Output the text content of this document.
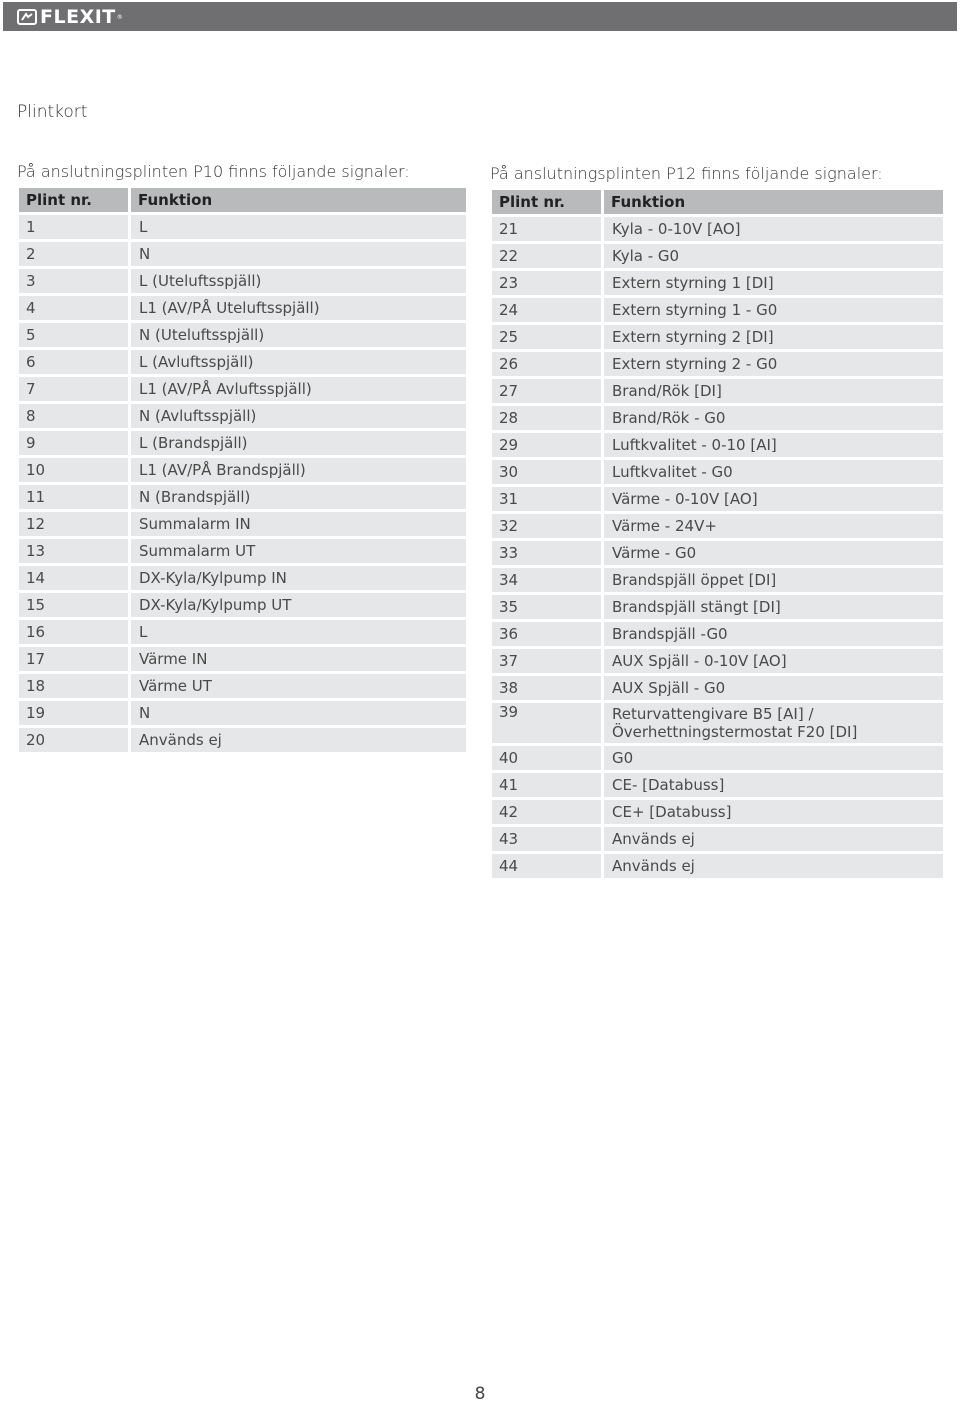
FLEXIT ®
Plintkort
På anslutningsplinten P10 finns följande signaler:
Plint nr.	Funktion
1	L
2	N
3	L (Uteluftsspjäll)
4	L1 (AV/PÅ Uteluftsspjäll)
5	N (Uteluftsspjäll)
6	L (Avluftsspjäll)
7	L1 (AV/PÅ Avluftsspjäll)
8	N (Avluftsspjäll)
9	L (Brandspjäll)
10	L1 (AV/PÅ Brandspjäll)
11	N (Brandspjäll)
12	Summalarm IN
13	Summalarm UT
14	DX-Kyla/Kylpump IN
15	DX-Kyla/Kylpump UT
16	L
17	Värme IN
18	Värme UT
19	N
20	Används ej
På anslutningsplinten P12 finns följande signaler:
Plint nr.	Funktion
21	Kyla - 0-10V [AO]
22	Kyla - G0
23	Extern styrning 1 [DI]
24	Extern styrning 1 - G0
25	Extern styrning 2 [DI]
26	Extern styrning 2 - G0
27	Brand/Rök [DI]
28	Brand/Rök - G0
29	Luftkvalitet - 0-10 [AI]
30	Luftkvalitet - G0
31	Värme - 0-10V [AO]
32	Värme - 24V+
33	Värme - G0
34	Brandspjäll öppet [DI]
35	Brandspjäll stängt [DI]
36	Brandspjäll -G0
37	AUX Spjäll - 0-10V [AO]
38	AUX Spjäll - G0
39	Returvattengivare B5 [AI] /
Överhettningstermostat F20 [DI]

40	G0
41	CE- [Databuss]
42	CE+ [Databuss]
43	Används ej
44	Används ej
8
